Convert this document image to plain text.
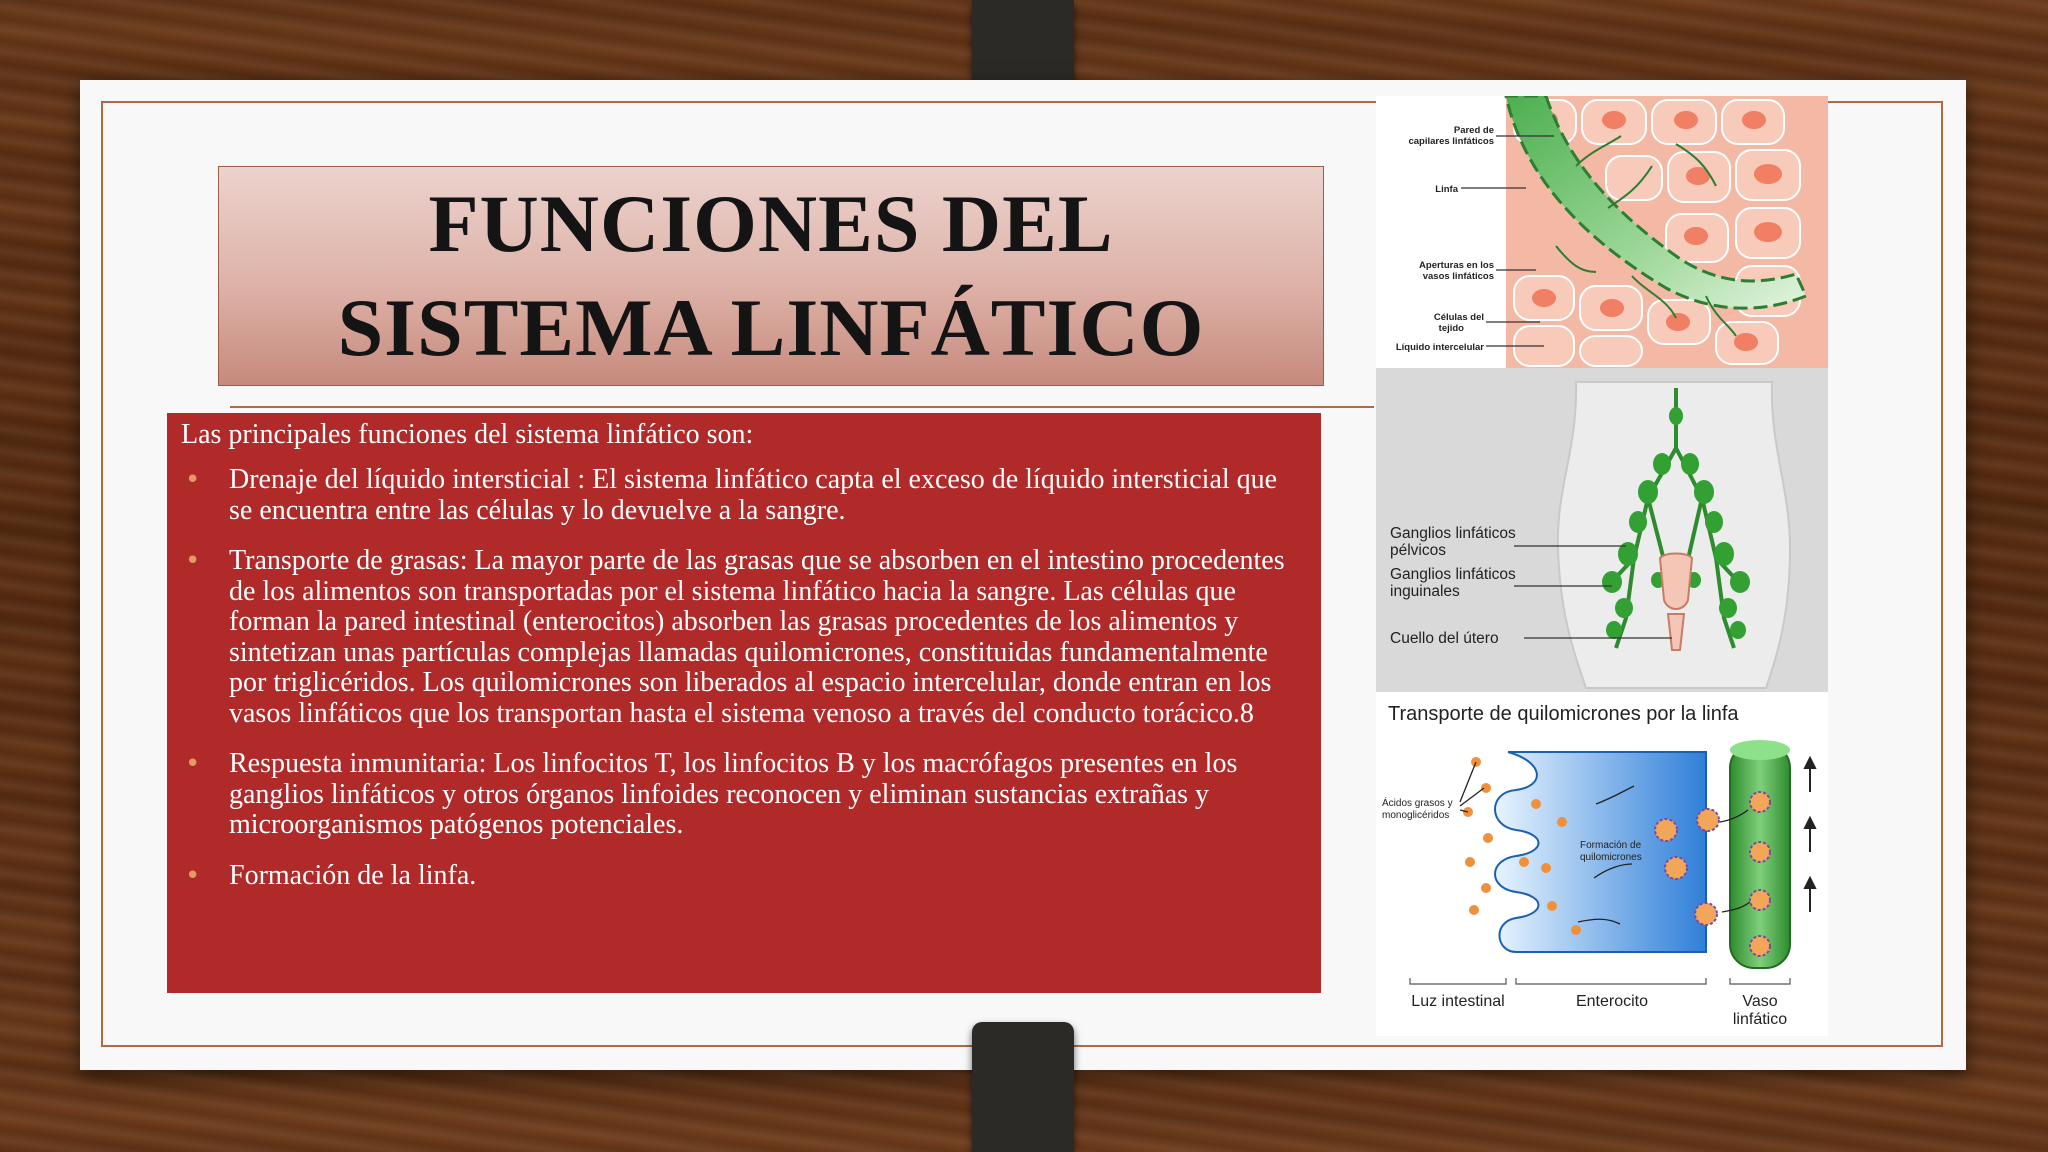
FUNCIONES DEL
SISTEMA LINFÁTICO

Las principales funciones del sistema linfático son:

• Drenaje del líquido intersticial : El sistema linfático capta el exceso de líquido intersticial que se encuentra entre las células y lo devuelve a la sangre.
• Transporte de grasas: La mayor parte de las grasas que se absorben en el intestino procedentes de los alimentos son transportadas por el sistema linfático hacia la sangre. Las células que forman la pared intestinal (enterocitos) absorben las grasas procedentes de los alimentos y sintetizan unas partículas complejas llamadas quilomicrones, constituidas fundamentalmente por triglicéridos. Los quilomicrones son liberados al espacio intercelular, donde entran en los vasos linfáticos que los transportan hasta el sistema venoso a través del conducto torácico.8
• Respuesta inmunitaria: Los linfocitos T, los linfocitos B y los macrófagos presentes en los ganglios linfáticos y otros órganos linfoides reconocen y eliminan sustancias extrañas y microorganismos patógenos potenciales.
• Formación de la linfa.
Pared de
capilares linfáticos
Linfa
Aperturas en los
vasos linfáticos
Células del
tejido
Líquido intercelular
Ganglios linfáticos
pélvicos
Ganglios linfáticos
inguinales
Cuello del útero
Transporte de quilomicrones por la linfa
Ácidos grasos y
monoglicéridos
Formación de
quilomicrones
Luz intestinal	Enterocito	Vaso
linfático
